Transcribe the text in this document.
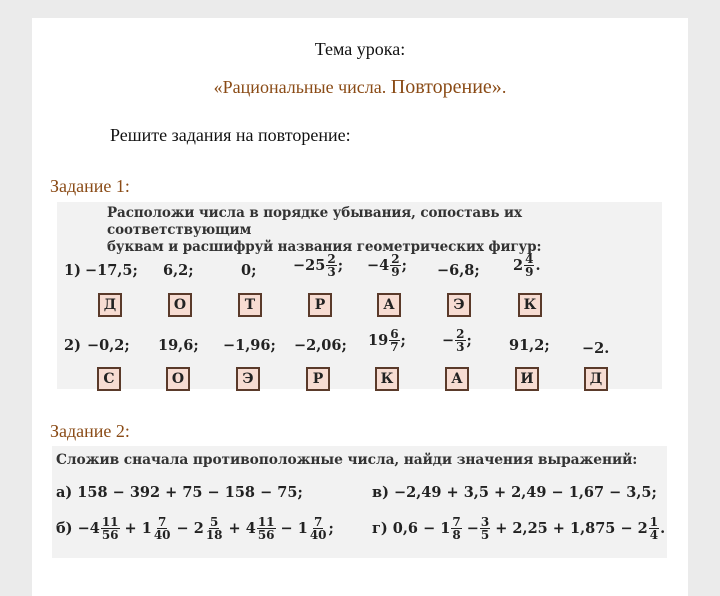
Тема урока:
«Рациональные числа. Повторение».
Решите задания на повторение:
Задание 1:
Расположи числа в порядке убывания, сопоставь их соответствующим
буквам и расшифруй названия геометрических фигур:
1) −17,5; 6,2;	0;	$-25 \frac{2}{3}$ ; $-4 \frac{2}{9}$ ; −6,8; $2 \frac{4}{9}$ .
Д	О	Т	Р	А	Э	К
2) −0,2; 19,6; −1,96; −2,06; $19 \frac{6}{7}$ ; − $\frac{2}{3}$ ;	91,2; −2.
С	О	Э	Р	К	А	И	Д
Задание 2:
Сложив сначала противоположные числа, найди значения выражений:
а) 158 − 392 + 75 − 158 − 75;	в) −2,49 + 3,5 + 2,49 − 1,67 − 3,5;
$б) -4 \frac{11}{56} + 1 \frac{7}{40} - 2 \frac{5}{18} + 4 \frac{11}{56} - 1 \frac{7}{40}$ ;	г) $0,6 - 1 \frac{7}{8} - \frac{3}{5} + 2,25 + 1,875 - 2 \frac{1}{4}$ .
